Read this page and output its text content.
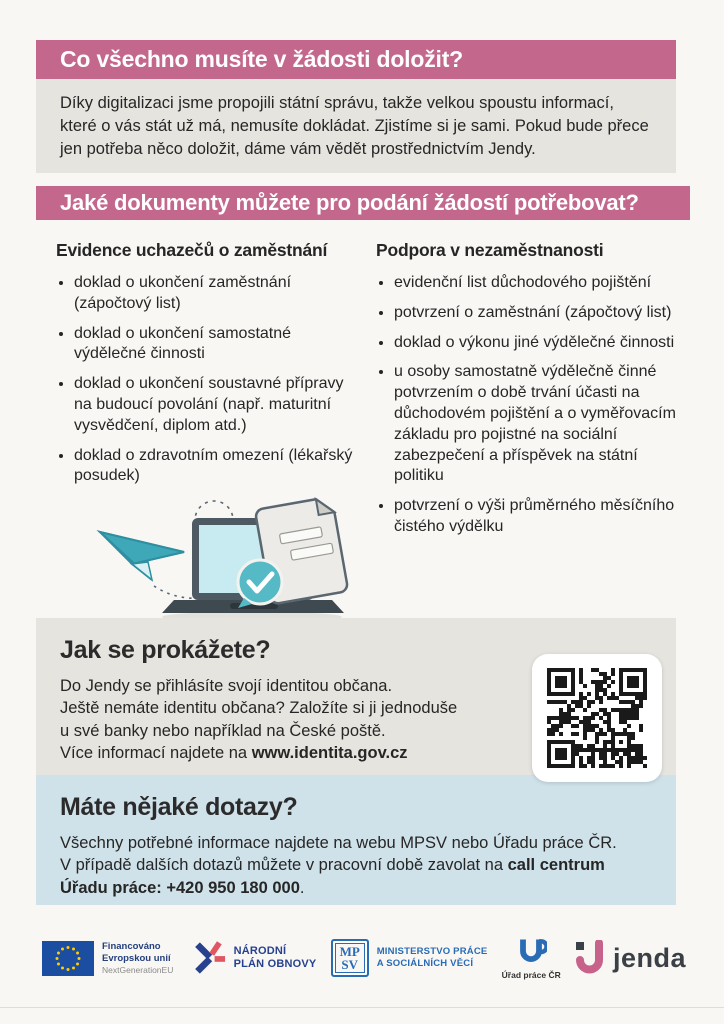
Co všechno musíte v žádosti doložit?
Díky digitalizaci jsme propojili státní správu, takže velkou spoustu informací, které o vás stát už má, nemusíte dokládat. Zjistíme si je sami. Pokud bude přece jen potřeba něco doložit, dáme vám vědět prostřednictvím Jendy.
Jaké dokumenty můžete pro podání žádostí potřebovat?
Evidence uchazečů o zaměstnání
• doklad o ukončení zaměstnání (zápočtový list)
• doklad o ukončení samostatné výdělečné činnosti
• doklad o ukončení soustavné přípravy na budoucí povolání (např. maturitní vysvědčení, diplom atd.)
• doklad o zdravotním omezení (lékařský posudek)
Podpora v nezaměstnanosti
• evidenční list důchodového pojištění
• potvrzení o zaměstnání (zápočtový list)
• doklad o výkonu jiné výdělečné činnosti
• u osoby samostatně výdělečně činné potvrzením o době trvání účasti na důchodovém pojištění a o vyměřovacím základu pro pojistné na sociální zabezpečení a příspěvek na státní politiku
• potvrzení o výši průměrného měsíčního čistého výdělku
Jak se prokážete?

Do Jendy se přihlásíte svojí identitou občana.
Ještě nemáte identitu občana? Založíte si ji jednoduše
u své banky nebo například na České poště.
Více informací najdete na www.identita.gov.cz

Máte nějaké dotazy?

Všechny potřebné informace najdete na webu MPSV nebo Úřadu práce ČR.
V případě dalších dotazů můžete v pracovní době zavolat na call centrum
Úřadu práce: +420 950 180 000.

Financováno
Evropskou unií
NextGenerationEU
NÁRODNÍ
PLÁN OBNOVY
MP
SV
MINISTERSTVO PRÁCE
A SOCIÁLNÍCH VĚCÍ
Úřad práce ČR
jenda
